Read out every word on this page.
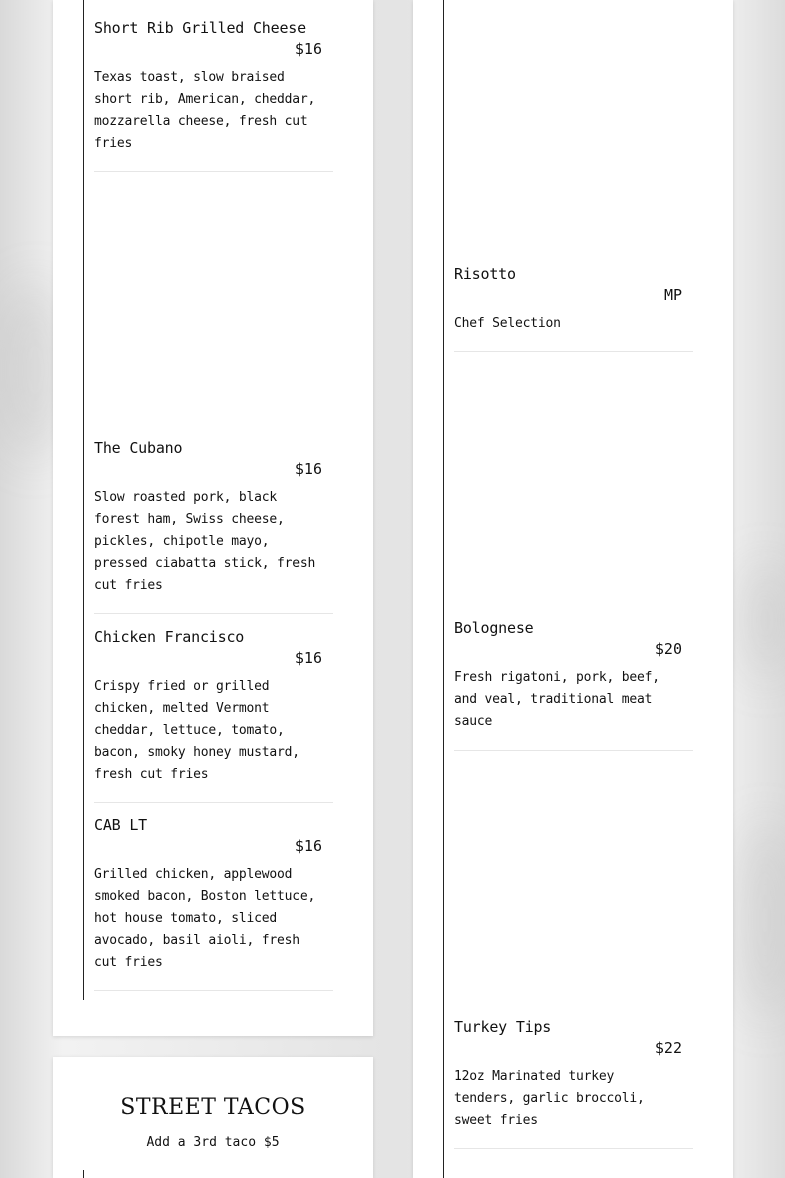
Short Rib Grilled Cheese
$16
Texas toast, slow braised short rib, American, cheddar, mozzarella cheese, fresh cut fries
The Cubano
$16
Slow roasted pork, black forest ham, Swiss cheese, pickles, chipotle mayo, pressed ciabatta stick, fresh cut fries
Chicken Francisco
$16
Crispy fried or grilled chicken, melted Vermont cheddar, lettuce, tomato, bacon, smoky honey mustard, fresh cut fries
CAB LT
$16
Grilled chicken, applewood smoked bacon, Boston lettuce, hot house tomato, sliced avocado, basil aioli, fresh cut fries
STREET TACOS
Add a 3rd taco $5
Risotto
MP
Chef Selection
Bolognese
$20
Fresh rigatoni, pork, beef, and veal, traditional meat sauce
Turkey Tips
$22
12oz Marinated turkey tenders, garlic broccoli, sweet fries
